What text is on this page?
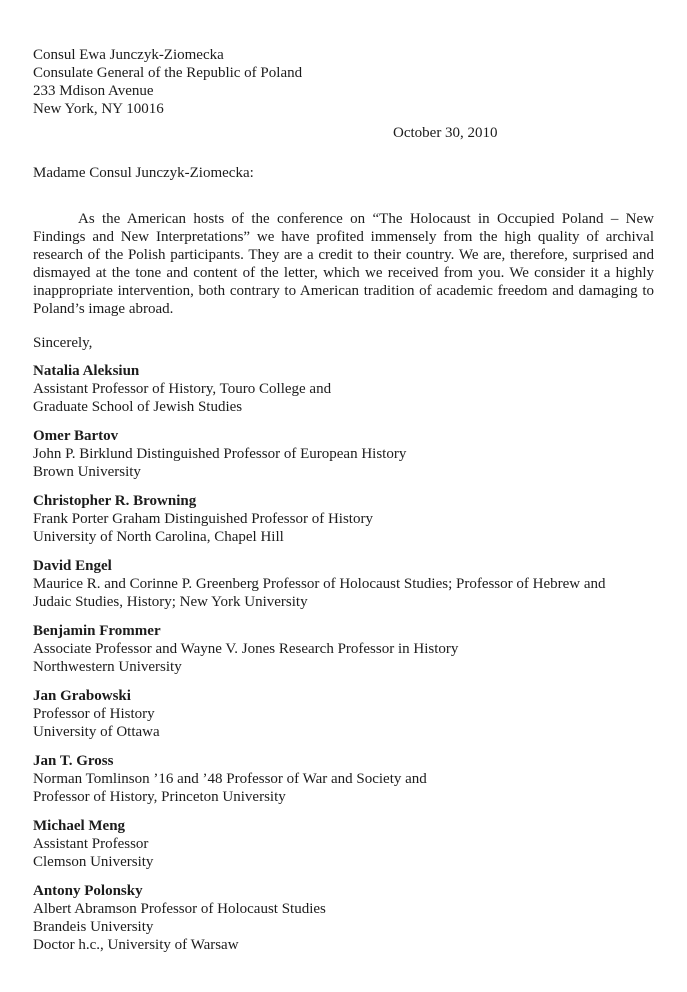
Consul Ewa Junczyk-Ziomecka
Consulate General of the Republic of Poland
233 Mdison Avenue
New York, NY 10016
October 30, 2010
Madame Consul Junczyk-Ziomecka:
As the American hosts of the conference on “The Holocaust in Occupied Poland – New Findings and New Interpretations” we have profited immensely from the high quality of archival research of the Polish participants. They are a credit to their country. We are, therefore, surprised and dismayed at the tone and content of the letter, which we received from you. We consider it a highly inappropriate intervention, both contrary to American tradition of academic freedom and damaging to Poland’s image abroad.
Sincerely,
Natalia Aleksiun
Assistant Professor of History, Touro College and
Graduate School of Jewish Studies
Omer Bartov
John P. Birklund Distinguished Professor of European History
Brown University
Christopher R. Browning
Frank Porter Graham Distinguished Professor of History
University of North Carolina, Chapel Hill
David Engel
Maurice R. and Corinne P. Greenberg Professor of Holocaust Studies; Professor of Hebrew and
Judaic Studies, History; New York University
Benjamin Frommer
Associate Professor and Wayne V. Jones Research Professor in History
Northwestern University
Jan Grabowski
Professor of History
University of Ottawa
Jan T. Gross
Norman Tomlinson ’16 and ’48 Professor of War and Society and
Professor of History, Princeton University
Michael Meng
Assistant Professor
Clemson University
Antony Polonsky
Albert Abramson Professor of Holocaust Studies
Brandeis University
Doctor h.c., University of Warsaw
